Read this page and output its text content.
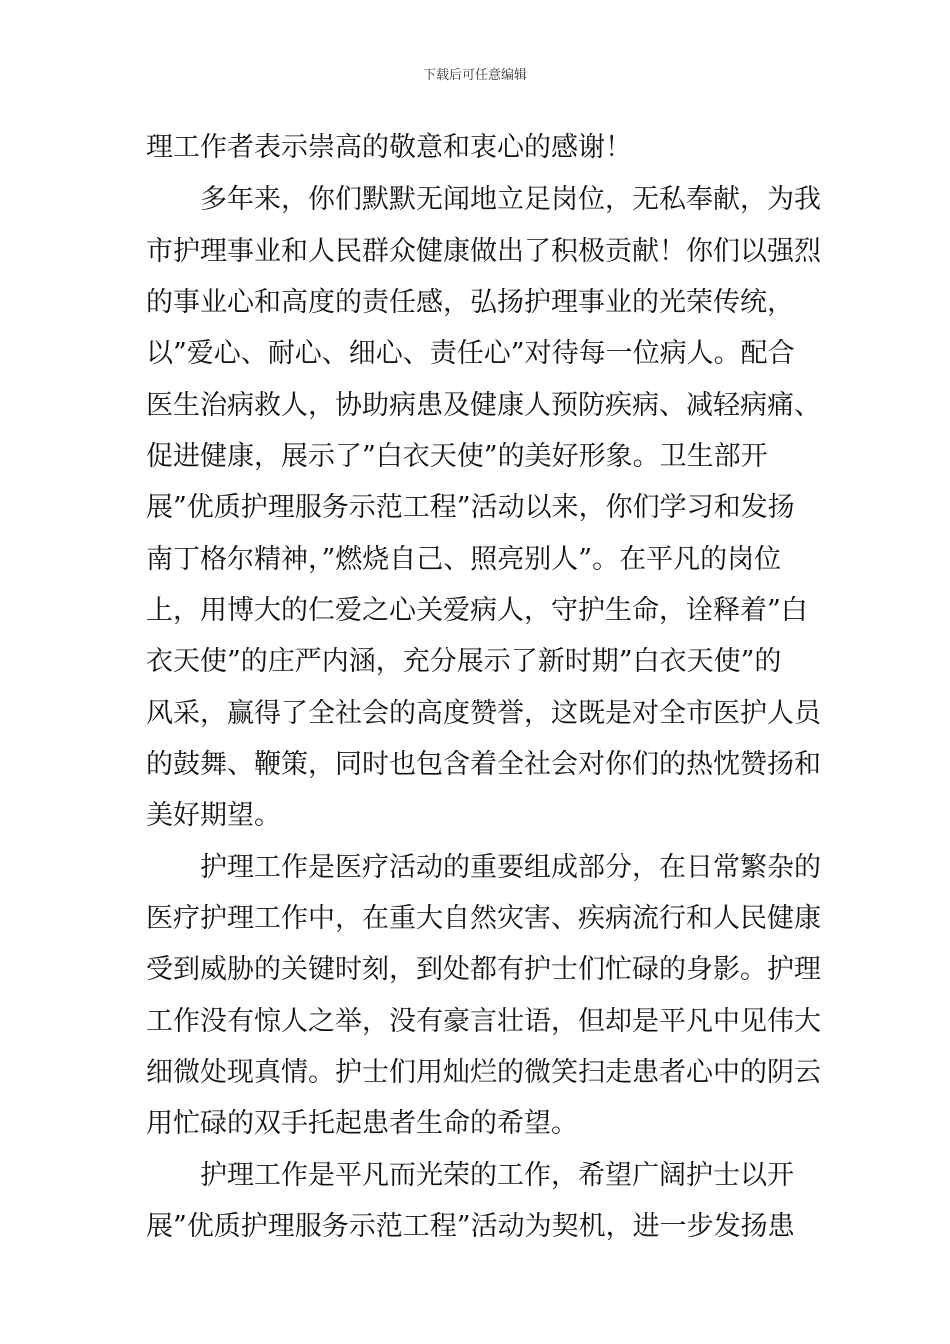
下载后可任意编辑
理工作者表示崇高的敬意和衷心的感谢！
　　多年来，你们默默无闻地立足岗位，无私奉献，为我
市护理事业和人民群众健康做出了积极贡献！你们以强烈
的事业心和高度的责任感，弘扬护理事业的光荣传统，
以”爱心、耐心、细心、责任心”对待每一位病人。配合
医生治病救人，协助病患及健康人预防疾病、减轻病痛、
促进健康，展示了”白衣天使”的美好形象。卫生部开
展”优质护理服务示范工程”活动以来，你们学习和发扬
南丁格尔精神，”燃烧自己、照亮别人”。在平凡的岗位
上，用博大的仁爱之心关爱病人，守护生命，诠释着”白
衣天使”的庄严内涵，充分展示了新时期”白衣天使”的
风采，赢得了全社会的高度赞誉，这既是对全市医护人员
的鼓舞、鞭策，同时也包含着全社会对你们的热忱赞扬和
美好期望。
　　护理工作是医疗活动的重要组成部分，在日常繁杂的
医疗护理工作中，在重大自然灾害、疾病流行和人民健康
受到威胁的关键时刻，到处都有护士们忙碌的身影。护理
工作没有惊人之举，没有豪言壮语，但却是平凡中见伟大
细微处现真情。护士们用灿烂的微笑扫走患者心中的阴云
用忙碌的双手托起患者生命的希望。
　　护理工作是平凡而光荣的工作，希望广阔护士以开
展”优质护理服务示范工程”活动为契机，进一步发扬患
